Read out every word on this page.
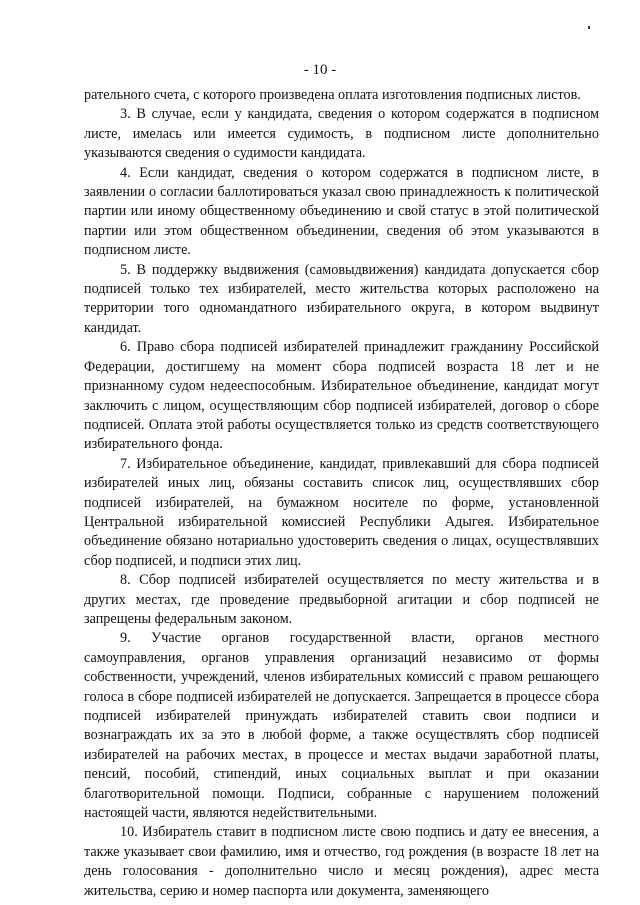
- 10 -

рательного счета, с которого произведена оплата изготовления подписных листов.

3. В случае, если у кандидата, сведения о котором содержатся в подписном листе, имелась или имеется судимость, в подписном листе дополнительно указываются сведения о судимости кандидата.

4. Если кандидат, сведения о котором содержатся в подписном листе, в заявлении о согласии баллотироваться указал свою принадлежность к политической партии или иному общественному объединению и свой статус в этой политической партии или этом общественном объединении, сведения об этом указываются в подписном листе.

5. В поддержку выдвижения (самовыдвижения) кандидата допускается сбор подписей только тех избирателей, место жительства которых расположено на территории того одномандатного избирательного округа, в котором выдвинут кандидат.

6. Право сбора подписей избирателей принадлежит гражданину Российской Федерации, достигшему на момент сбора подписей возраста 18 лет и не признанному судом недееспособным. Избирательное объединение, кандидат могут заключить с лицом, осуществляющим сбор подписей избирателей, договор о сборе подписей. Оплата этой работы осуществляется только из средств соответствующего избирательного фонда.

7. Избирательное объединение, кандидат, привлекавший для сбора подписей избирателей иных лиц, обязаны составить список лиц, осуществлявших сбор подписей избирателей, на бумажном носителе по форме, установленной Центральной избирательной комиссией Республики Адыгея. Избирательное объединение обязано нотариально удостоверить сведения о лицах, осуществлявших сбор подписей, и подписи этих лиц.

8. Сбор подписей избирателей осуществляется по месту жительства и в других местах, где проведение предвыборной агитации и сбор подписей не запрещены федеральным законом.

9. Участие органов государственной власти, органов местного самоуправления, органов управления организаций независимо от формы собственности, учреждений, членов избирательных комиссий с правом решающего голоса в сборе подписей избирателей не допускается. Запрещается в процессе сбора подписей избирателей принуждать избирателей ставить свои подписи и вознаграждать их за это в любой форме, а также осуществлять сбор подписей избирателей на рабочих местах, в процессе и местах выдачи заработной платы, пенсий, пособий, стипендий, иных социальных выплат и при оказании благотворительной помощи. Подписи, собранные с нарушением положений настоящей части, являются недействительными.

10. Избиратель ставит в подписном листе свою подпись и дату ее внесения, а также указывает свои фамилию, имя и отчество, год рождения (в возрасте 18 лет на день голосования - дополнительно число и месяц рождения), адрес места жительства, серию и номер паспорта или документа, заменяющего
